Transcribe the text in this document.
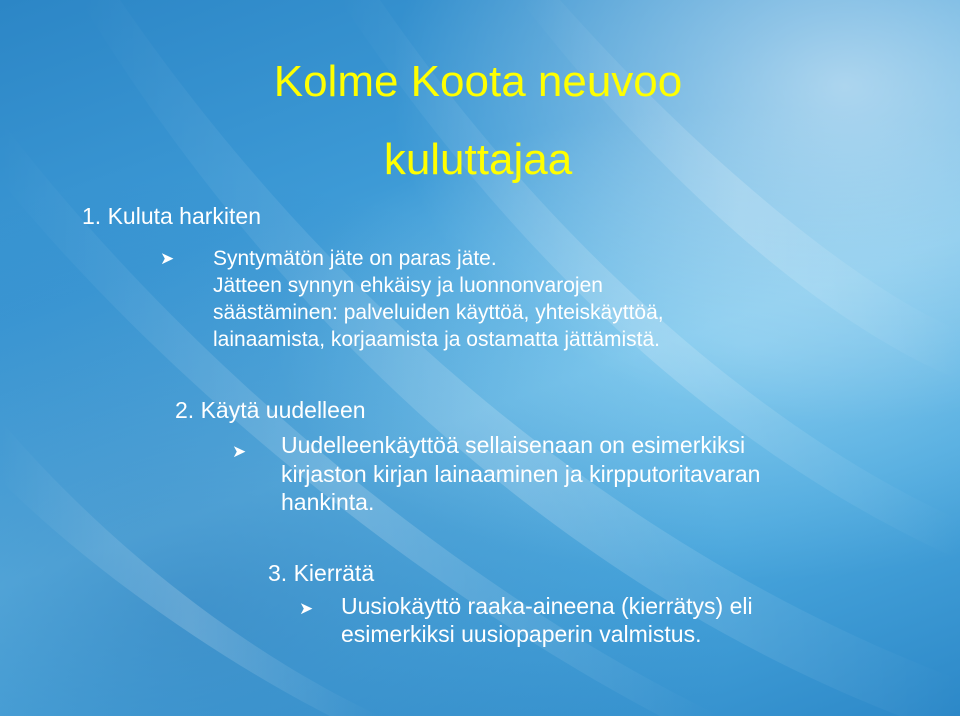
Kolme Koota neuvoo
kuluttajaa

1. Kuluta harkiten

➤ Syntymätön jäte on paras jäte.

Jätteen synnyn ehkäisy ja luonnonvarojen

säästäminen: palveluiden käyttöä, yhteiskäyttöä,

lainaamista, korjaamista ja ostamatta jättämistä.

2. Käytä uudelleen

➤ Uudelleenkäyttöä sellaisenaan on esimerkiksi

kirjaston kirjan lainaaminen ja kirpputoritavaran

hankinta.

3. Kierrätä

➤ Uusiokäyttö raaka-aineena (kierrätys) eli

esimerkiksi uusiopaperin valmistus.
